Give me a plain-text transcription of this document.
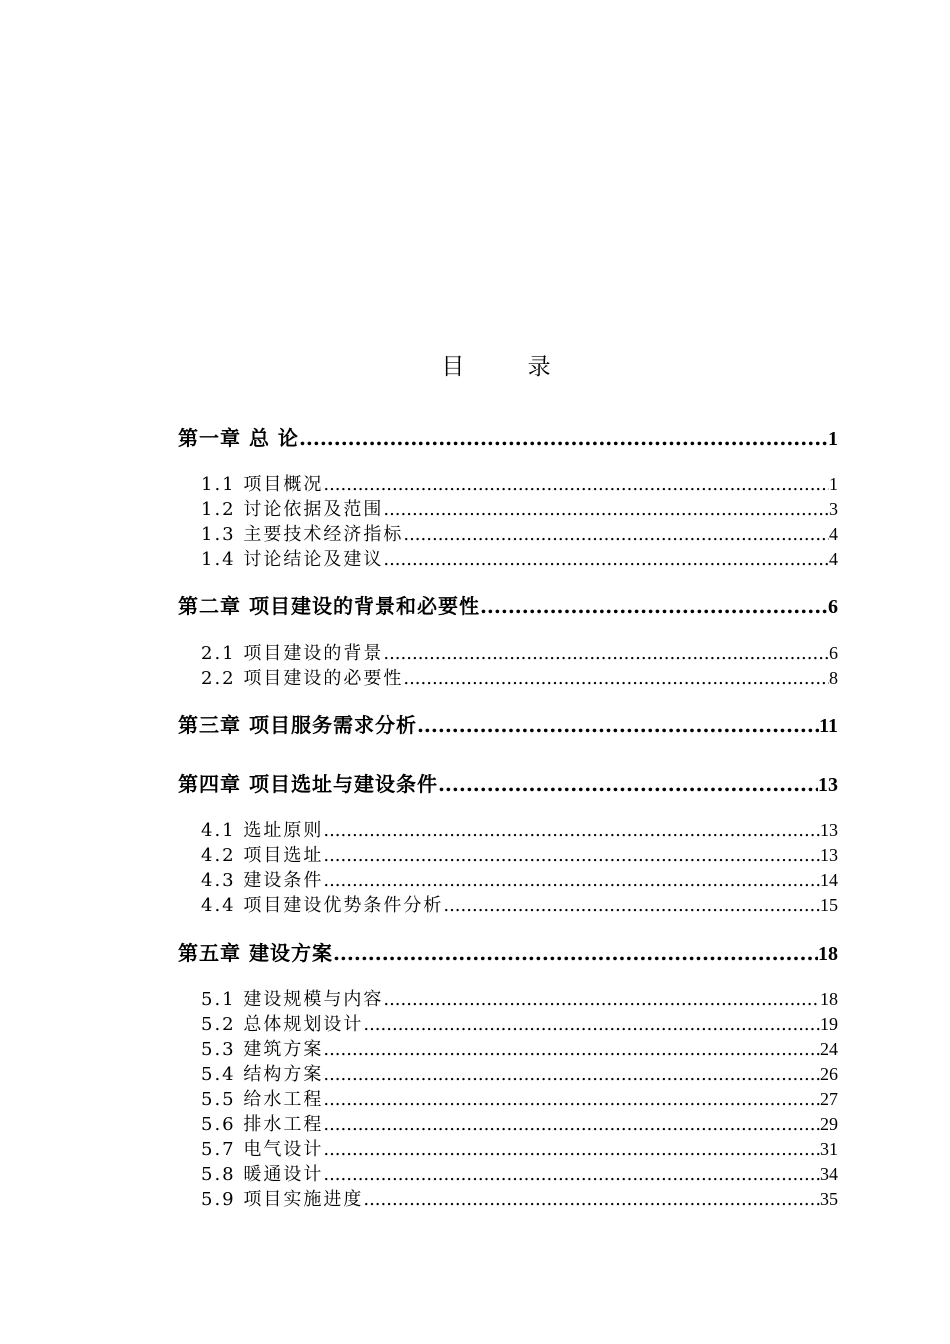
目 录
第一章 总 论 .....	1
1.1 项目概况 .....	1
1.2 讨论依据及范围 .....	3
1.3 主要技术经济指标 .....	4
1.4 讨论结论及建议 .....	4
第二章 项目建设的背景和必要性 .....	6
2.1 项目建设的背景 .....	6
2.2 项目建设的必要性 .....	8
第三章 项目服务需求分析 .....	11
第四章 项目选址与建设条件 .....	13
4.1 选址原则 .....	13
4.2 项目选址 .....	13
4.3 建设条件 .....	14
4.4 项目建设优势条件分析 .....	15
第五章 建设方案 .....	18
5.1 建设规模与内容 .....	18
5.2 总体规划设计 .....	19
5.3 建筑方案 .....	24
5.4 结构方案 .....	26
5.5 给水工程 .....	27
5.6 排水工程 .....	29
5.7 电气设计 .....	31
5.8 暖通设计 .....	34
5.9 项目实施进度 .....	35
